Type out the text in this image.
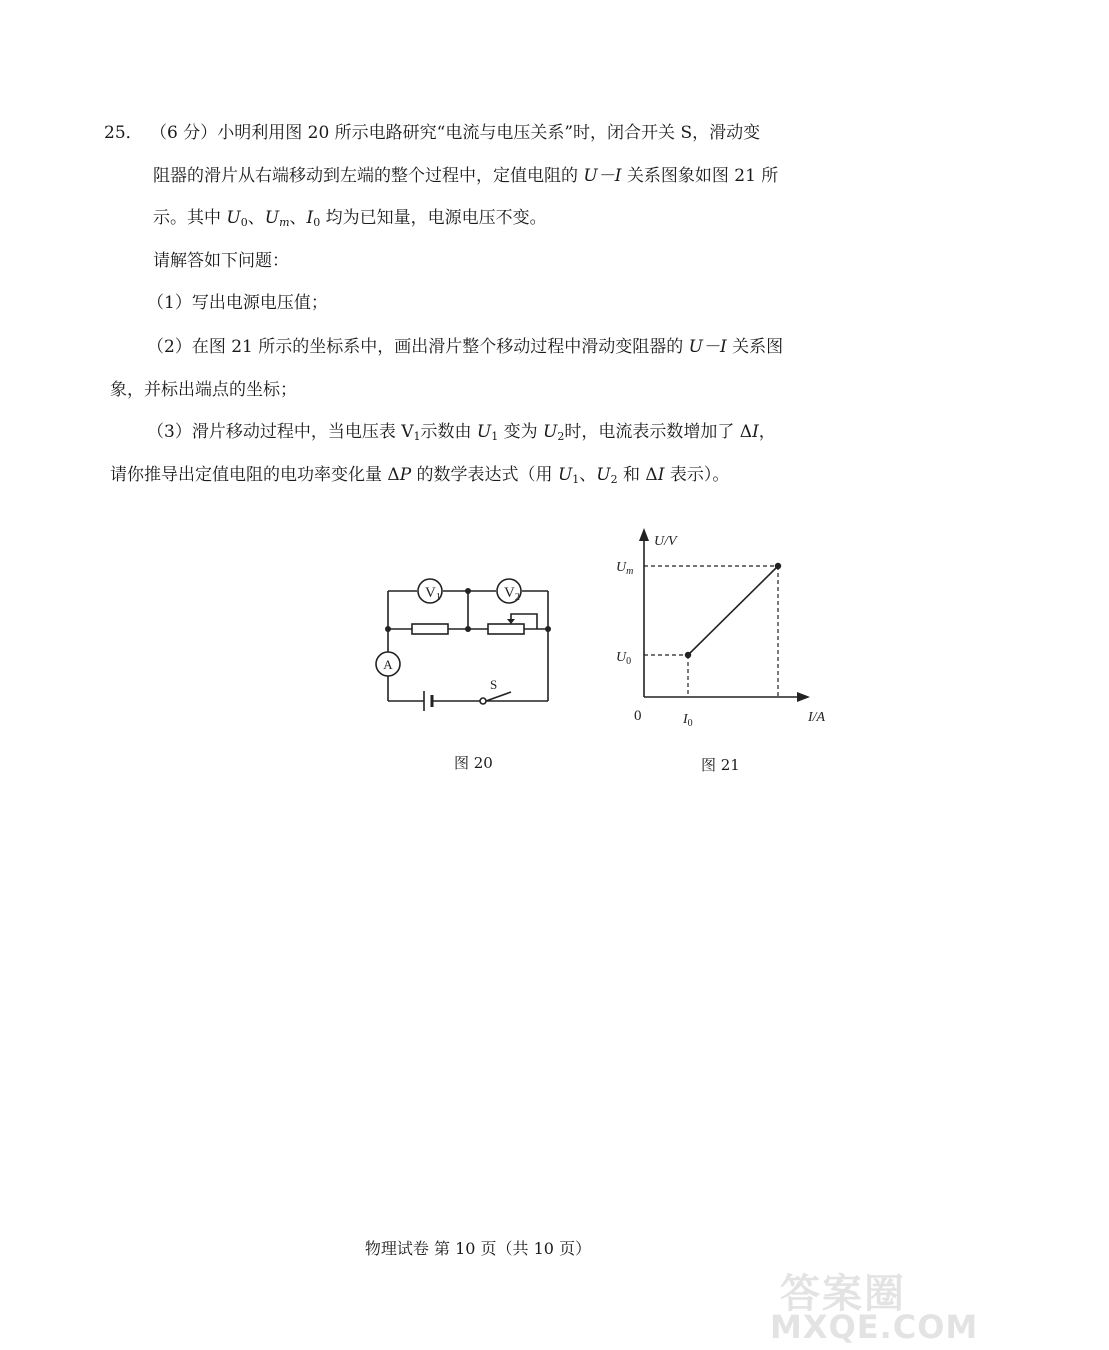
25． （6 分）小明利用图 20 所示电路研究“电流与电压关系”时，闭合开关 S，滑动变
阻器的滑片从右端移动到左端的整个过程中，定值电阻的 U－I 关系图象如图 21 所
示。其中 $U_0$、$U_m$、$I_0$ 均为已知量，电源电压不变。
请解答如下问题：
（1）写出电源电压值；
（2）在图 21 所示的坐标系中，画出滑片整个移动过程中滑动变阻器的 U－I 关系图
象，并标出端点的坐标；
（3）滑片移动过程中，当电压表 $V_1$示数由 $U_1$ 变为 $U_2$时，电流表示数增加了 ΔI，
请你推导出定值电阻的电功率变化量 ΔP 的数学表达式（用 $U_1$、$U_2$ 和 ΔI 表示）。
$V_1$	$V_2$
A
S
图 20
U/V
I/A
0
$U_m$
$U_0$
$I_0$
图 21
物理试卷 第 10 页（共 10 页）
答案圈
MXQE.COM
